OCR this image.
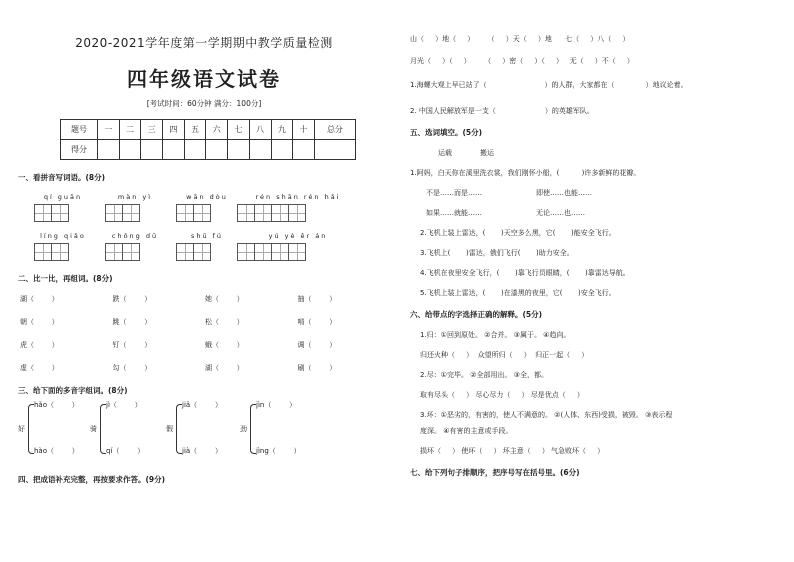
2020-2021学年度第一学期期中教学质量检测
四年级语文试卷
[考试时间：60分钟 满分：100分]
题号	一	二	三	四	五	六	七	八	九	十	总分
得分											
一、看拼音写词语。(8分)
qí guān	màn yì	wān dòu	rén shān rén hǎi
líng qiǎo	chōng dū	shū fú	yú yè ěr án
二、比一比，再组词。(8分)
湖（        ）	跌（        ）	她（        ）	抽（        ）
朝（        ）	跳（        ）	松（        ）	啃（        ）
虎（        ）	钉（        ）	蛾（        ）	调（        ）
虚（        ）	勾（        ）	湖（        ）	刷（        ）
三、给下面的多音字组词。(8分)
好
hǎo（        ）
hào（        ）
骑
jì（        ）
qí（        ）
假
jiǎ（        ）
jià（        ）
劲
jìn（        ）
jìng（        ）
四、把成语补充完整，再按要求作答。(9分)
山（     ）地（     ）      （     ）天（     ）地      七（     ）八（     ）
月光（     ）（     ）      （     ）密（     ）（     ）   无（     ）不（     ）
1.海螺大观上早已站了（                          ）的人群，大家都在（              ）地议论着。
2. 中国人民解放军是一支（                      ）的英雄军队。
五、选词填空。(5分)
运载	搬运
1.阿妈，白天你在溪里洗衣裳，我们刚怀小船，(          )许多新鲜的花瓣。
不是……而是……	即使……也能……
如果……就能……	无论……也……
2.飞机上装上雷达，(       )天空多么黑，它(       )能安全飞行。
3.飞机上(       )雷达，俄们飞行(       )助力安全。
4.飞机在夜里安全飞行，(       )靠飞行员眼睛，(       )靠雷达导航。
5.飞机上装上雷达，(       )在漆黑的夜里，它(       )安全飞行。
六、给带点的字选择正确的解释。(5分)
1.归：①回到原处。 ②合并。 ③属于。 ④趋向。
归还火种（     ）  众望所归（     ）  归正一起（     ）
2.尽：①完毕。 ②全部用出。 ③全，都。
取有尽头（     ） 尽心尽力（     ） 尽是优点（     ）
3.坏：①恶劣的，有害的，使人不满意的。 ②(人体、东西)受损，被毁。 ③表示程
度深。 ④有害的主意或手段。
损坏（     ） 使坏（     ） 坏主意（     ） 气急败坏（     ）
七、给下列句子排顺序，把序号写在括号里。(6分)
